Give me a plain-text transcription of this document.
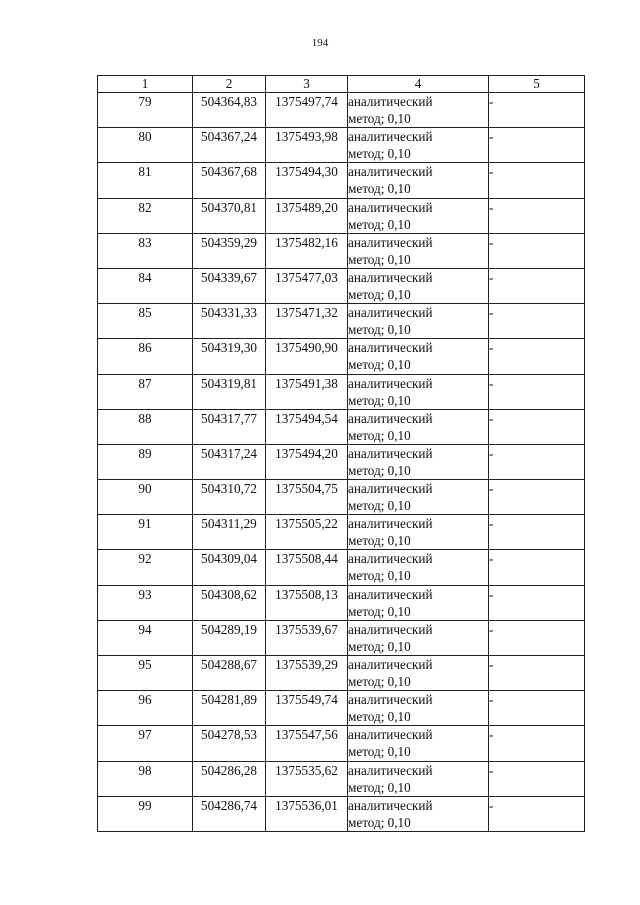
194
1	2	3	4	5
79	504364,83	1375497,74	аналитический
метод; 0,10	-
80	504367,24	1375493,98	аналитический
метод; 0,10	-
81	504367,68	1375494,30	аналитический
метод; 0,10	-
82	504370,81	1375489,20	аналитический
метод; 0,10	-
83	504359,29	1375482,16	аналитический
метод; 0,10	-
84	504339,67	1375477,03	аналитический
метод; 0,10	-
85	504331,33	1375471,32	аналитический
метод; 0,10	-
86	504319,30	1375490,90	аналитический
метод; 0,10	-
87	504319,81	1375491,38	аналитический
метод; 0,10	-
88	504317,77	1375494,54	аналитический
метод; 0,10	-
89	504317,24	1375494,20	аналитический
метод; 0,10	-
90	504310,72	1375504,75	аналитический
метод; 0,10	-
91	504311,29	1375505,22	аналитический
метод; 0,10	-
92	504309,04	1375508,44	аналитический
метод; 0,10	-
93	504308,62	1375508,13	аналитический
метод; 0,10	-
94	504289,19	1375539,67	аналитический
метод; 0,10	-
95	504288,67	1375539,29	аналитический
метод; 0,10	-
96	504281,89	1375549,74	аналитический
метод; 0,10	-
97	504278,53	1375547,56	аналитический
метод; 0,10	-
98	504286,28	1375535,62	аналитический
метод; 0,10	-
99	504286,74	1375536,01	аналитический
метод; 0,10	-
